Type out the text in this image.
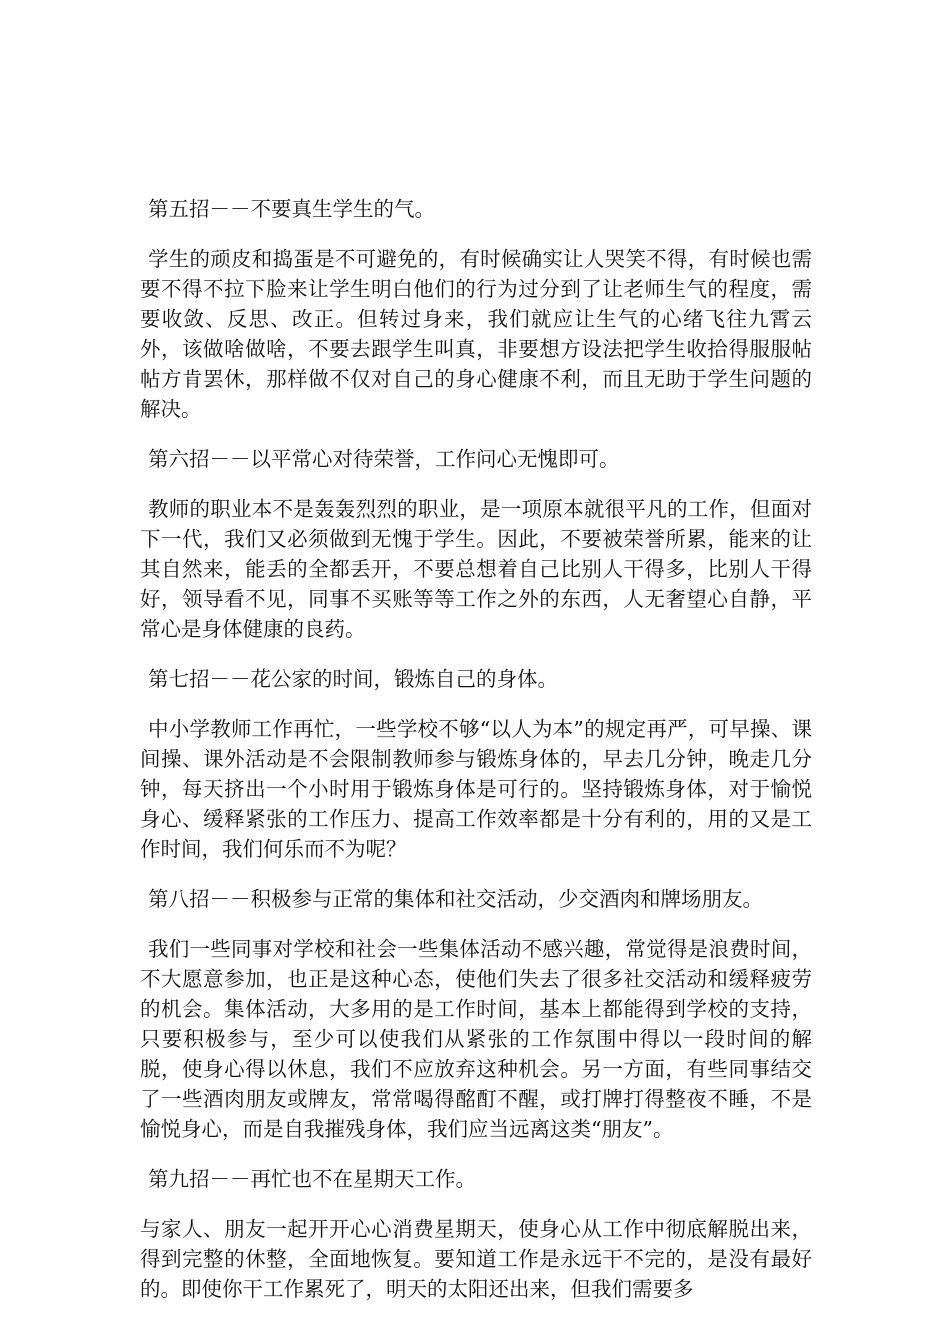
第五招－－不要真生学生的气。
学生的顽皮和捣蛋是不可避免的，有时候确实让人哭笑不得，有时候也需要不得不拉下脸来让学生明白他们的行为过分到了让老师生气的程度，需要收敛、反思、改正。但转过身来，我们就应让生气的心绪飞往九霄云外，该做啥做啥，不要去跟学生叫真，非要想方设法把学生收拾得服服帖帖方肯罢休，那样做不仅对自己的身心健康不利，而且无助于学生问题的解决。
第六招－－以平常心对待荣誉，工作问心无愧即可。
教师的职业本不是轰轰烈烈的职业，是一项原本就很平凡的工作，但面对下一代，我们又必须做到无愧于学生。因此，不要被荣誉所累，能来的让其自然来，能丢的全都丢开，不要总想着自己比别人干得多，比别人干得好，领导看不见，同事不买账等等工作之外的东西，人无奢望心自静，平常心是身体健康的良药。
第七招－－花公家的时间，锻炼自己的身体。
中小学教师工作再忙，一些学校不够“以人为本”的规定再严，可早操、课间操、课外活动是不会限制教师参与锻炼身体的，早去几分钟，晚走几分钟，每天挤出一个小时用于锻炼身体是可行的。坚持锻炼身体，对于愉悦身心、缓释紧张的工作压力、提高工作效率都是十分有利的，用的又是工作时间，我们何乐而不为呢？
第八招－－积极参与正常的集体和社交活动，少交酒肉和牌场朋友。
我们一些同事对学校和社会一些集体活动不感兴趣，常觉得是浪费时间，不大愿意参加，也正是这种心态，使他们失去了很多社交活动和缓释疲劳的机会。集体活动，大多用的是工作时间，基本上都能得到学校的支持，只要积极参与，至少可以使我们从紧张的工作氛围中得以一段时间的解脱，使身心得以休息，我们不应放弃这种机会。另一方面，有些同事结交了一些酒肉朋友或牌友，常常喝得酩酊不醒，或打牌打得整夜不睡，不是愉悦身心，而是自我摧残身体，我们应当远离这类“朋友”。
第九招－－再忙也不在星期天工作。
与家人、朋友一起开开心心消费星期天，使身心从工作中彻底解脱出来，得到完整的休整，全面地恢复。要知道工作是永远干不完的，是没有最好的。即使你干工作累死了，明天的太阳还出来，但我们需要多
